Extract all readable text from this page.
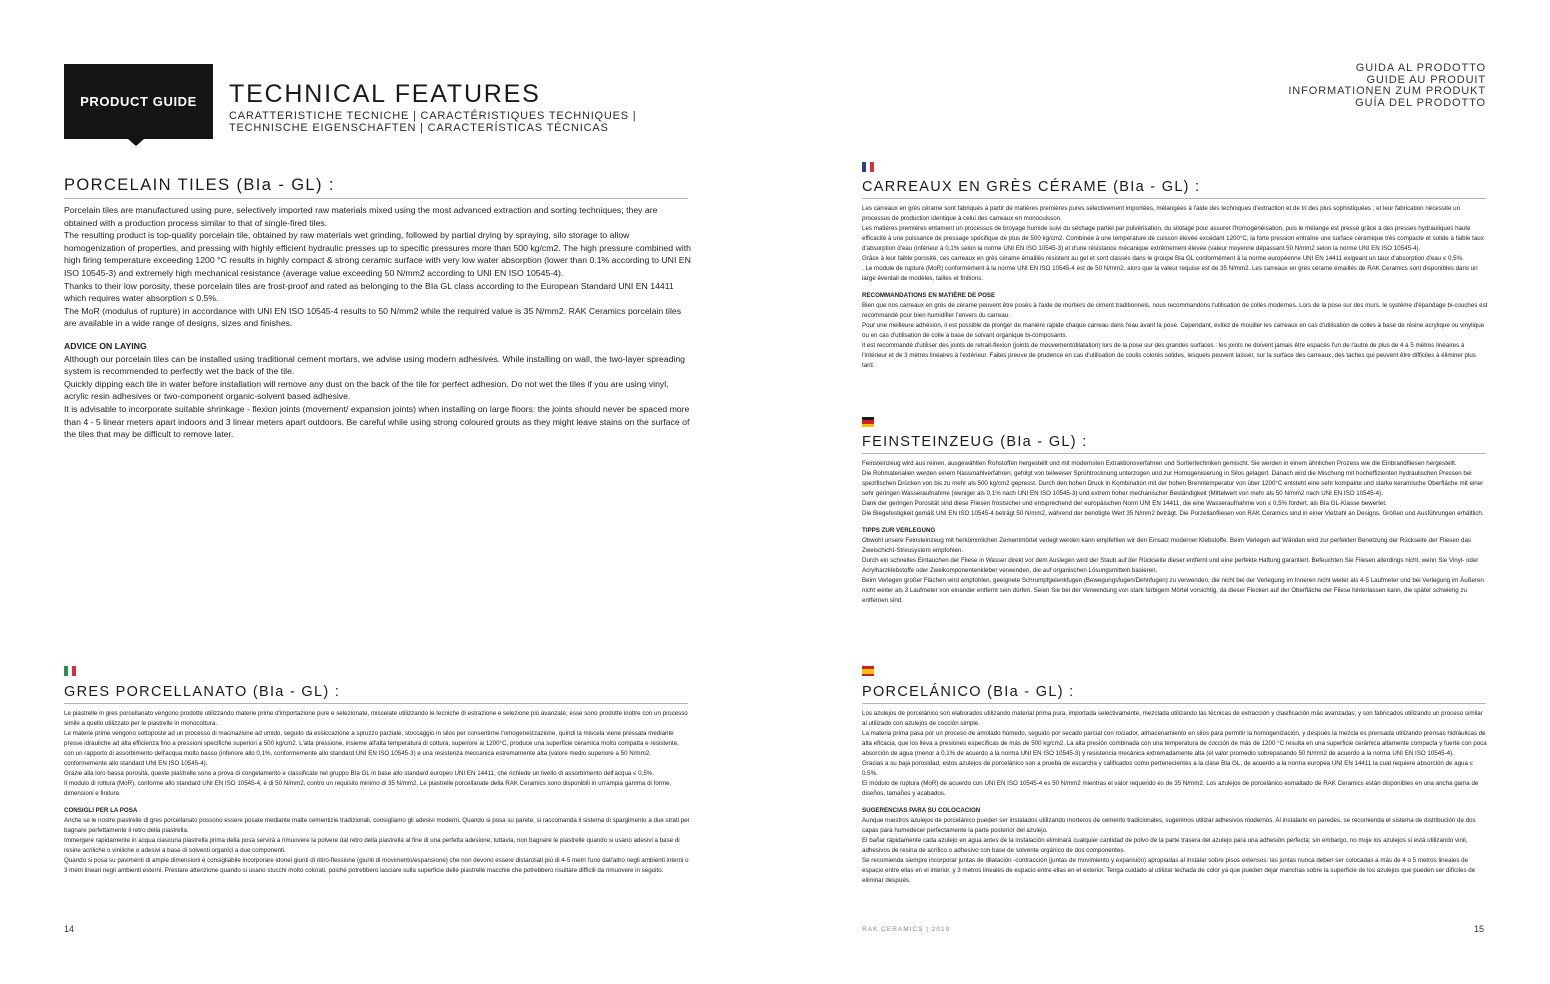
PRODUCT GUIDE TECHNICAL FEATURES
CARATTERISTICHE TECNICHE | CARACTÉRISTIQUES TECHNIQUES |
TECHNISCHE EIGENSCHAFTEN | CARACTERÍSTICAS TÉCNICAS
GUIDA AL PRODOTTO
GUIDE AU PRODUIT
INFORMATIONEN ZUM PRODUKT
GUÍA DEL PRODOTTO
PORCELAIN TILES (BIa - GL) :

Porcelain tiles are manufactured using pure, selectively imported raw materials mixed using the most advanced extraction and sorting techniques; they are obtained with a production process similar to that of single-fired tiles.

The resulting product is top-quality porcelain tile, obtained by raw materials wet grinding, followed by partial drying by spraying, silo storage to allow homogenization of properties, and pressing with highly efficient hydraulic presses up to specific pressures more than 500 kg/cm2. The high pressure combined with high firing temperature exceeding 1200 °C results in highly compact & strong ceramic surface with very low water absorption (lower than 0.1% according to UNI EN ISO 10545-3) and extremely high mechanical resistance (average value exceeding 50 N/mm2 according to UNI EN ISO 10545-4).

Thanks to their low porosity, these porcelain tiles are frost-proof and rated as belonging to the BIa GL class according to the European Standard UNI EN 14411 which requires water absorption ≤ 0.5%.

The MoR (modulus of rupture) in accordance with UNI EN ISO 10545-4 results to 50 N/mm2 while the required value is 35 N/mm2. RAK Ceramics porcelain tiles are available in a wide range of designs, sizes and finishes.

ADVICE ON LAYING

Although our porcelain tiles can be installed using traditional cement mortars, we advise using modern adhesives. While installing on wall, the two-layer spreading system is recommended to perfectly wet the back of the tile.

Quickly dipping each tile in water before installation will remove any dust on the back of the tile for perfect adhesion. Do not wet the tiles if you are using vinyl, acrylic resin adhesives or two-component organic-solvent based adhesive.

It is advisable to incorporate suitable shrinkage - flexion joints (movement/ expansion joints) when installing on large floors: the joints should never be spaced more than 4 - 5 linear meters apart indoors and 3 linear meters apart outdoors. Be careful while using strong coloured grouts as they might leave stains on the surface of the tiles that may be difficult to remove later.

CARREAUX EN GRÈS CÉRAME (BIa - GL) :

Les carreaux en grès cérame sont fabriqués à partir de matières premières pures sélectivement importées, mélangées à l'aide des techniques d'extraction et de tri des plus sophistiquées ; et leur fabrication nécessite un processus de production identique à celui des carreaux en monocuisson.

Les matières premières entament un processus de broyage humide suivi du séchage partiel par pulvérisation, du silotage pour assurer l'homogénéisation, puis le mélange est pressé grâce à des presses hydrauliques haute efficacité à une puissance de pressage spécifique de plus de 500 kg/cm2. Combinée à une température de cuisson élevée excédant 1200°C, la forte pression entraîne une surface céramique très compacte et solide à faible taux d'absorption d'eau (inférieur à 0,1% selon la norme UNI EN ISO 10545-3) et d'une résistance mécanique extrêmement élevée (valeur moyenne dépassant 50 N/mm2 selon la norme UNI EN ISO 10545-4).

Grâce à leur faible porosité, ces carreaux en grès cérame émaillés résistent au gel et sont classés dans le groupe BIa GL conformément à la norme européenne UNI EN 14411 exigeant un taux d'absorption d'eau ≤ 0,5%.

. Le module de rupture (MoR) conformément à la norme UNI EN ISO 10545-4 est de 50 N/mm2, alors que la valeur requise est de 35 N/mm2. Les carreaux en grès cérame émaillés de RAK Ceramics sont disponibles dans un large éventail de modèles, tailles et finitions.

RECOMMANDATIONS EN MATIÈRE DE POSE

Bien que nos carreaux en grès de céramе peuvent être posés à l'aide de mortiers de ciment traditionnels, nous recommandons l'utilisation de colles modernes. Lors de la pose sur des murs, le système d'épandage bi-couches est recommandé pour bien humidifier l'envers du carreau.

Pour une meilleure adhésion, il est possible de plonger de manière rapide chaque carreau dans l'eau avant la pose. Cependant, évitez de mouiller les carreaux en cas d'utilisation de colles à base de résine acrylique ou vinylique ou en cas d'utilisation de colle à base de solvant organique bi-composants.

Il est recommandé d'utiliser des joints de retrait-flexion (joints de mouvement/dilatation) lors de la pose sur des grandes surfaces : les joints ne doivent jamais être espacés l'un de l'autre de plus de 4 à 5 mètres linéaires à l'intérieur et de 3 mètres linéaires à l'extérieur. Faites preuve de prudence en cas d'utilisation de coulis colorés solides, lesquels peuvent laisser, sur la surface des carreaux, des taches qui peuvent être difficiles à éliminer plus tard.

FEINSTEINZEUG (BIa - GL) :

Feinsteinzeug wird aus reinen, ausgewählten Rohstoffen hergestellt und mit modernsten Extraktionsverfahren und Sortiertechniken gemischt. Sie werden in einem ähnlichen Prozess wie die Einbrandfliesen hergestellt.

Die Rohmaterialien werden einem Nassmahlverfahren, gefolgt von teilweiser Sprühtrocknung unterzogen und zur Homogenisierung in Silos gelagert. Danach wird die Mischung mit hocheffizienten hydraulischen Pressen bei spezifischen Drücken von bis zu mehr als 500 kg/cm2 gepresst. Durch den hohen Druck in Kombination mit der hohen Brenntemperatur von über 1200°C entsteht eine sehr kompakte und starke keramische Oberfläche mit einer sehr geringen Wasseraufnahme (weniger als 0,1% nach UNI EN ISO 10545-3) und extrem hoher mechanischer Beständigkeit (Mittelwert von mehr als 50 N/mm2 nach UNI EN ISO 10545-4).

Dank der geringen Porosität sind diese Fliesen frostsicher und entsprechend der europäischen Norm UNI EN 14411, die eine Wasseraufnahme von ≤ 0,5% fordert, als BIa GL-Klasse bewertet.

Die Biegefestigkeit gemäß UNI EN ISO 10545-4 beträgt 50 N/mm2, während der benötigte Wert 35 N/mm2 beträgt. Die Porzellanfliesen von RAK Ceramics sind in einer Vielzahl an Designs, Größen und Ausführungen erhältlich.

TIPPS ZUR VERLEGUNG

Obwohl unsere Feinsteinzeug mit herkömmlichen Zementmörtel verlegt werden kann empfehlen wir den Einsatz moderner Klebstoffe. Beim Verlegen auf Wänden wird zur perfekten Benetzung der Rückseite der Fliesen das Zweischicht-Streusystem empfohlen.

Durch ein schnelles Eintauchen der Fliese in Wasser direkt vor dem Auslegen wird der Staub auf der Rückseite dieser entfernt und eine perfekte Haftung garantiert. Befeuchten Sie Fliesen allerdings nicht, wenn Sie Vinyl- oder Acrylharzklebstoffe oder Zweikomponentenkleber verwenden, die auf organischen Lösungsmitteln basieren.

Beim Verlegen großer Flächen wird empfohlen, geeignete Schrumpfgelenkfugen (Bewegungsfugen/Dehnfugen) zu verwenden, die nicht bei der Verlegung im Inneren nicht weiter als 4-5 Laufmeter und bei Verlegung im Äußeren nicht weiter als 3 Laufmeter von einander entfernt sein dürfen. Seien Sie bei der Verwendung von stark farbigem Mörtel vorsichtig, da dieser Flecken auf der Oberfläche der Fliese hinterlassen kann, die später schwierig zu entfernen sind.

GRES PORCELLANATO (BIa - GL) :

Le piastrelle in gres porcellanato vengono prodotte utilizzando materie prime d'importazione pure e selezionate, miscelate utilizzando le tecniche di estrazione e selezione più avanzate; esse sono prodotte inoltre con un processo simile a quello utilizzato per le piastrelle in monocottura.

Le materie prime vengono sottoposte ad un processo di macinazione ad umido, seguito da essiccazione a spruzzo parziale, stoccaggio in silos per consentirne l'omogeneizzazione, quindi la miscela viene pressata mediante presse idrauliche ad alta efficienza fino a pressioni specifiche superiori a 500 kg/cm2. L'alta pressione, insieme all'alta temperatura di cottura, superiore ai 1200°C, produce una superficie ceramica molto compatta e resistente, con un rapporto di assorbimento dell'acqua molto basso (inferiore allo 0,1%, conformemente allo standard UNI EN ISO 10545-3) e una resistenza meccanica estremamente alta (valore medio superiore a 50 N/mm2, conformemente allo standard UNI EN ISO 10545-4).

Grazie alla loro bassa porosità, queste piastrelle sono a prova di congelamento e classificate nel gruppo BIa GL in base allo standard europeo UNI EN 14411, che richiede un livello di assorbimento dell'acqua ≤ 0,5%.

Il modulo di rottura (MoR), conforme allo standard UNI EN ISO 10545-4, è di 50 N/mm2, contro un requisito minimo di 35 N/mm2. Le piastrelle porcellanate della RAK Ceramics sono disponibili in un'ampia gamma di forme, dimensioni e finiture.

CONSIGLI PER LA POSA

Anche se le nostre piastrelle di gres porcellanato possono essere posate mediante malte cementizie tradizionali, consigliamo gli adesivi moderni. Quando si posa su parete, si raccomanda il sistema di spargimento a due strati per bagnare perfettamente il retro della piastrella.

Immergere rapidamente in acqua ciascuna piastrella prima della posa servirà a rimuovere la polvere dal retro della piastrella al fine di una perfetta adesione; tuttavia, non bagnare le piastrelle quando si usano adesivi a base di resine acriliche o viniliche o adesivi a base di solventi organici a due componenti.

Quando si posa su pavimenti di ampie dimensioni è consigliabile incorporare idonei giunti di ritiro-flessione (giunti di movimento/espansione) che non devono essere distanziati più di 4-5 metri l'uno dall'altro negli ambienti interni o 3 metri lineari negli ambienti esterni. Prestare attenzione quando si usano stucchi molto colorati, poiché potrebbero lasciare sulla superficie delle piastrelle macchie che potrebbero risultare difficili da rimuovere in seguito.

PORCELÁNICO (BIa - GL) :

Los azulejos de porcelánico son elaborados utilizando material prima pura, importada selectivamente, mezclada utilizando las técnicas de extracción y clasificación más avanzadas; y son fabricados utilizando un proceso similar al utilizado con azulejos de cocción simple.

La materia prima pasa por un proceso de amolado húmedo, seguido por secado parcial con rociador, almacenamiento en silos para permitir la homogenización, y después la mezcla es prensada utilizando prensas hidráulicas de alta eficacia, que los lleva a presiones específicas de más de 500 kg/cm2. La alta presión combinada con una temperatura de cocción de más de 1200 °C resulta en una superficie cerámica altamente compacta y fuerte con poca absorción de agua (menor a 0.1% de acuerdo a la norma UNI EN ISO 10545-3) y resistencia mecánica extremadamente alta (el valor promedio sobrepasando 50 N/mm2 de acuerdo a la norma UNI EN ISO 10545-4).

Gracias a su baja porosidad, estos azulejos de porcelánico son a prueba de escarcha y calificados como pertenecientes a la clase BIa GL, de acuerdo a la norma europea UNI EN 14411 la cual requiere absorción de agua ≤ 0.5%.

El módulo de ruptura (MoR) de acuerdo con UNI EN ISO 10545-4 es 50 N/mm2 mientras el valor requerido es de 35 N/mm2. Los azulejos de porcelánico esmaltado de RAK Ceramics están disponibles en una ancha gama de diseños, tamaños y acabados.

SUGERENCIAS PARA SU COLOCACION

Aunque nuestros azulejos de porcelánico pueden ser instalados utilizando morteros de cemento tradicionales, sugerimos utilizar adhesivos modernos. Al instalarlo en paredes, se recomienda el sistema de distribución de dos capas para humedecer perfectamente la parte posterior del azulejo.

El bañar rápidamente cada azulejo en agua antes de la instalación eliminará cualquier cantidad de polvo de la parte trasera del azulejo para una adhesión perfecta; sin embargo, no moje los azulejos si está utilizando vinil, adhesivos de resina de acrílico o adhesivo con base de solvente orgánico de dos componentes.

Se recomienda siempre incorporar juntas de dilatación -contracción (juntas de movimiento y expansión) apropiadas al instalar sobre pisos extensos: las juntas nunca deben ser colocadas a más de 4 o 5 metros lineales de espacio entre ellas en el interior, y 3 metros lineales de espacio entre ellas en el exterior. Tenga cuidado al utilizar lechada de color ya que pueden dejar manchas sobre la superficie de los azulejos que pueden ser difíciles de eliminar después.

14	RAK CERAMICS | 2019	15
